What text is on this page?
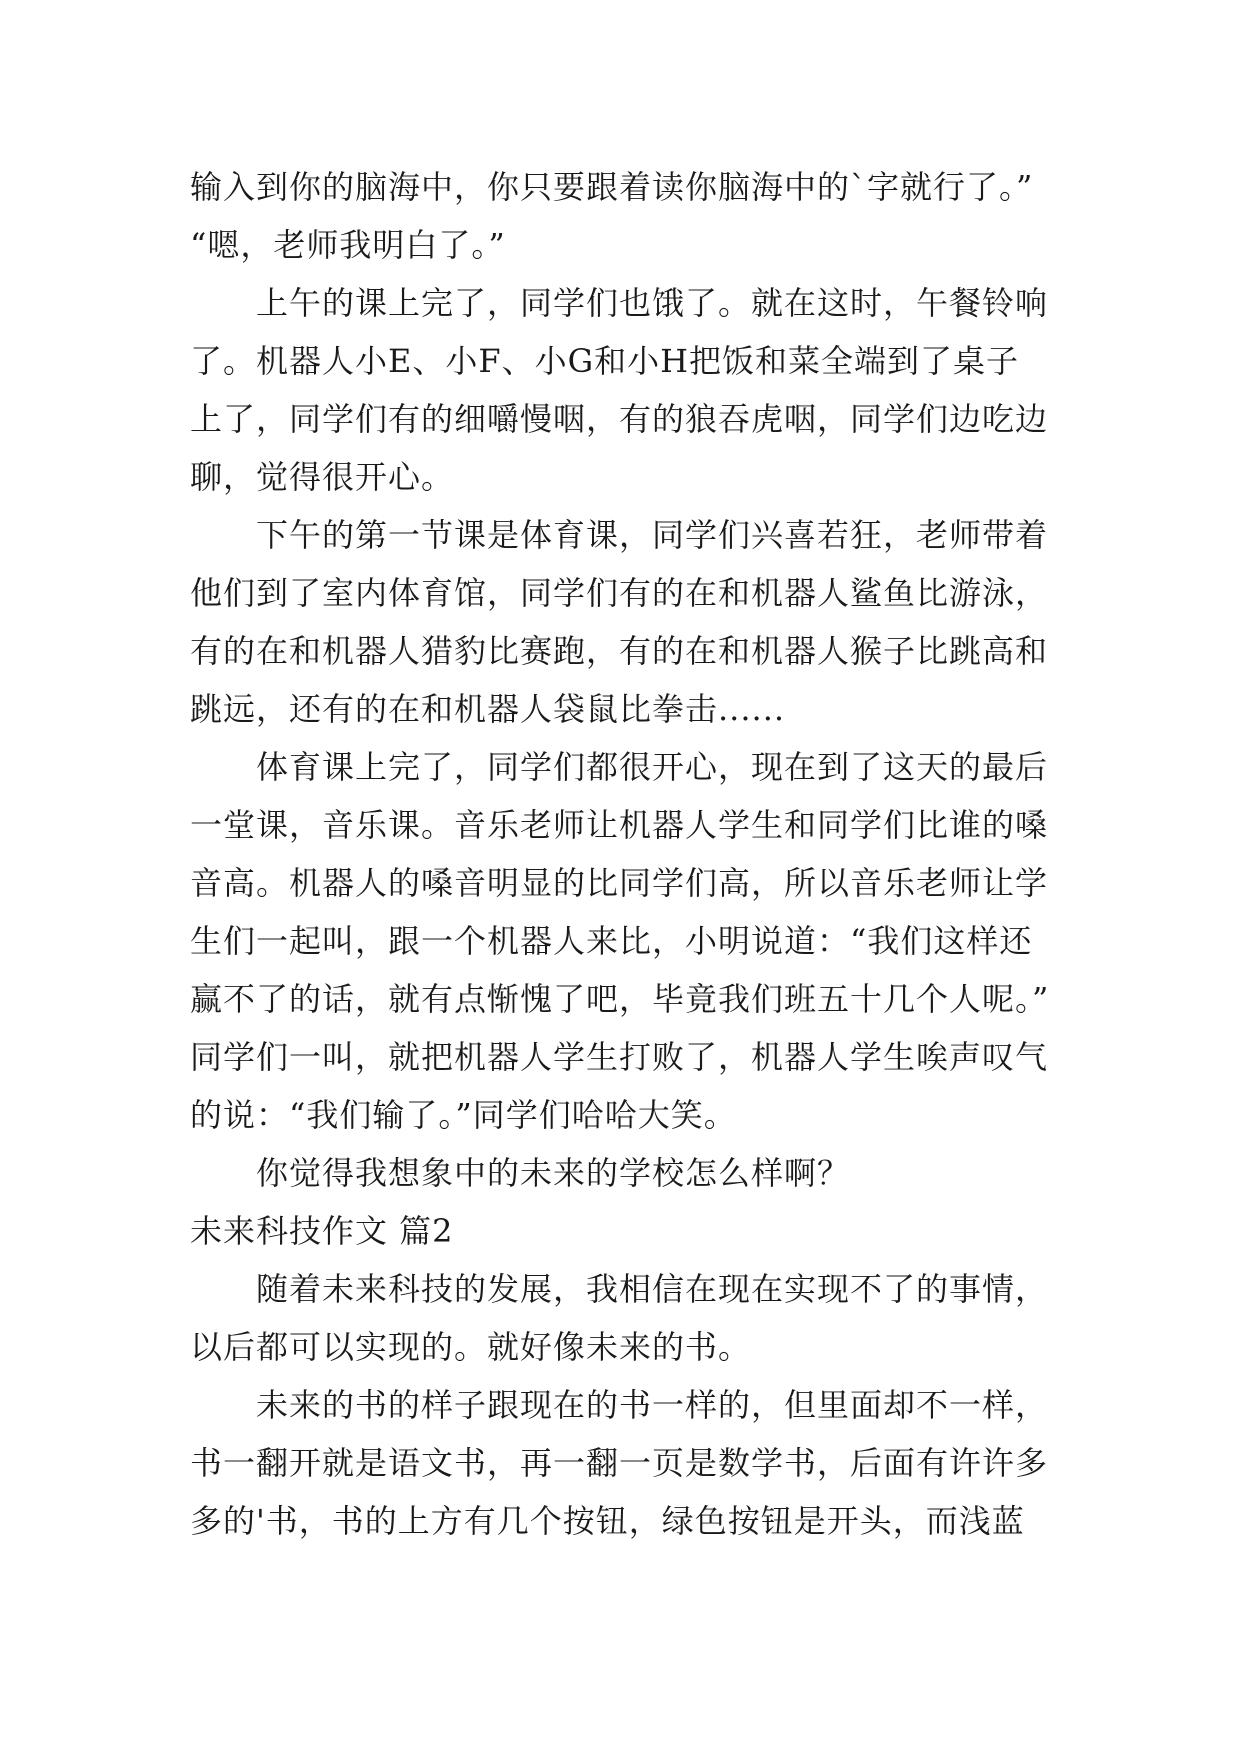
输入到你的脑海中，你只要跟着读你脑海中的`字就行了。”
“嗯，老师我明白了。”
上午的课上完了，同学们也饿了。就在这时，午餐铃响
了。机器人小E、小F、小G和小H把饭和菜全端到了桌子
上了，同学们有的细嚼慢咽，有的狼吞虎咽，同学们边吃边
聊，觉得很开心。
下午的第一节课是体育课，同学们兴喜若狂，老师带着
他们到了室内体育馆，同学们有的在和机器人鲨鱼比游泳，
有的在和机器人猎豹比赛跑，有的在和机器人猴子比跳高和
跳远，还有的在和机器人袋鼠比拳击......
体育课上完了，同学们都很开心，现在到了这天的最后
一堂课，音乐课。音乐老师让机器人学生和同学们比谁的嗓
音高。机器人的嗓音明显的比同学们高，所以音乐老师让学
生们一起叫，跟一个机器人来比，小明说道：“我们这样还
赢不了的话，就有点惭愧了吧，毕竟我们班五十几个人呢。”
同学们一叫，就把机器人学生打败了，机器人学生唉声叹气
的说：“我们输了。”同学们哈哈大笑。
你觉得我想象中的未来的学校怎么样啊？
未来科技作文 篇2
随着未来科技的发展，我相信在现在实现不了的事情，
以后都可以实现的。就好像未来的书。
未来的书的样子跟现在的书一样的，但里面却不一样，
书一翻开就是语文书，再一翻一页是数学书，后面有许许多
多的'书，书的上方有几个按钮，绿色按钮是开头，而浅蓝
